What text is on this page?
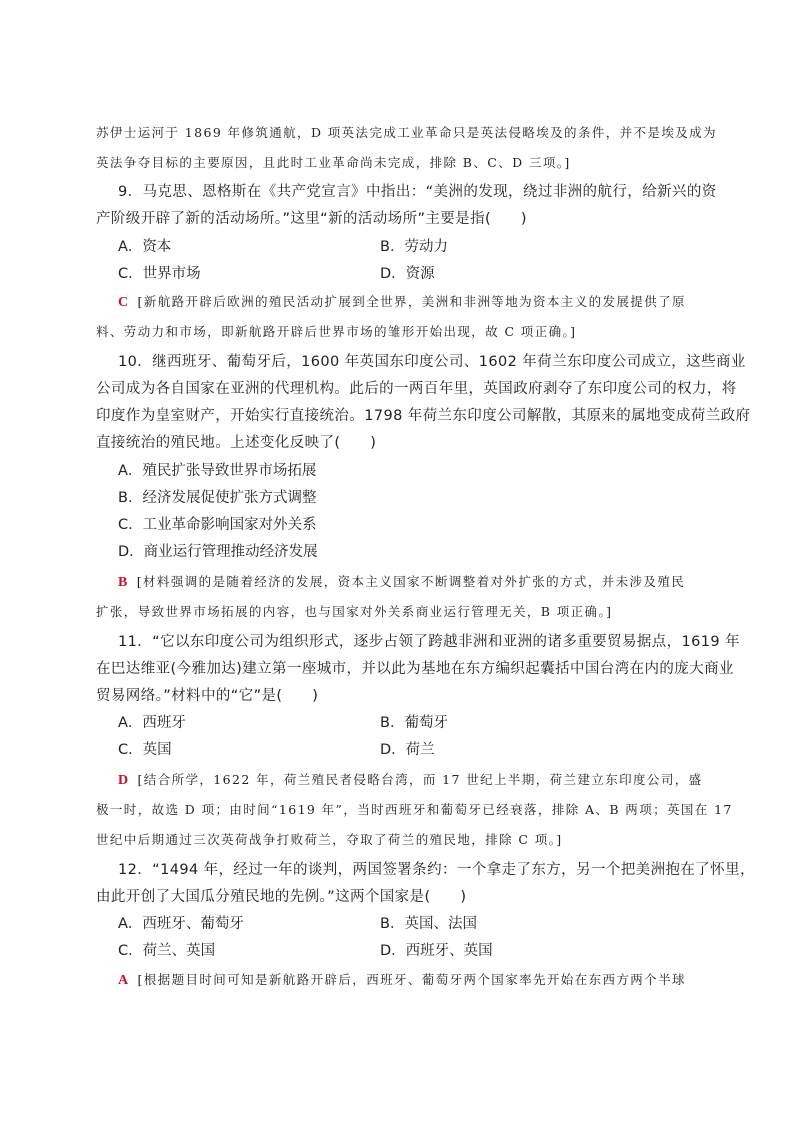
苏伊士运河于 1869 年修筑通航，D 项英法完成工业革命只是英法侵略埃及的条件，并不是埃及成为
英法争夺目标的主要原因，且此时工业革命尚未完成，排除 B、C、D 三项。]
9．马克思、恩格斯在《共产党宣言》中指出：“美洲的发现，绕过非洲的航行，给新兴的资
产阶级开辟了新的活动场所。”这里“新的活动场所”主要是指(　　)
A．资本	B．劳动力
C．世界市场	D．资源
C [新航路开辟后欧洲的殖民活动扩展到全世界，美洲和非洲等地为资本主义的发展提供了原
料、劳动力和市场，即新航路开辟后世界市场的雏形开始出现，故 C 项正确。]
10．继西班牙、葡萄牙后，1600 年英国东印度公司、1602 年荷兰东印度公司成立，这些商业
公司成为各自国家在亚洲的代理机构。此后的一两百年里，英国政府剥夺了东印度公司的权力，将
印度作为皇室财产，开始实行直接统治。1798 年荷兰东印度公司解散，其原来的属地变成荷兰政府
直接统治的殖民地。上述变化反映了(　　)
A．殖民扩张导致世界市场拓展
B．经济发展促使扩张方式调整
C．工业革命影响国家对外关系
D．商业运行管理推动经济发展
B [材料强调的是随着经济的发展，资本主义国家不断调整着对外扩张的方式，并未涉及殖民
扩张，导致世界市场拓展的内容，也与国家对外关系商业运行管理无关，B 项正确。]
11．“它以东印度公司为组织形式，逐步占领了跨越非洲和亚洲的诸多重要贸易据点，1619 年
在巴达维亚(今雅加达)建立第一座城市，并以此为基地在东方编织起囊括中国台湾在内的庞大商业
贸易网络。”材料中的“它”是(　　)
A．西班牙	B．葡萄牙
C．英国	D．荷兰
D [结合所学，1622 年，荷兰殖民者侵略台湾，而 17 世纪上半期，荷兰建立东印度公司，盛
极一时，故选 D 项；由时间“1619 年”，当时西班牙和葡萄牙已经衰落，排除 A、B 两项；英国在 17
世纪中后期通过三次英荷战争打败荷兰，夺取了荷兰的殖民地，排除 C 项。]
12．“1494 年，经过一年的谈判，两国签署条约：一个拿走了东方，另一个把美洲抱在了怀里，
由此开创了大国瓜分殖民地的先例。”这两个国家是(　　)
A．西班牙、葡萄牙	B．英国、法国
C．荷兰、英国	D．西班牙、英国
A [根据题目时间可知是新航路开辟后，西班牙、葡萄牙两个国家率先开始在东西方两个半球
